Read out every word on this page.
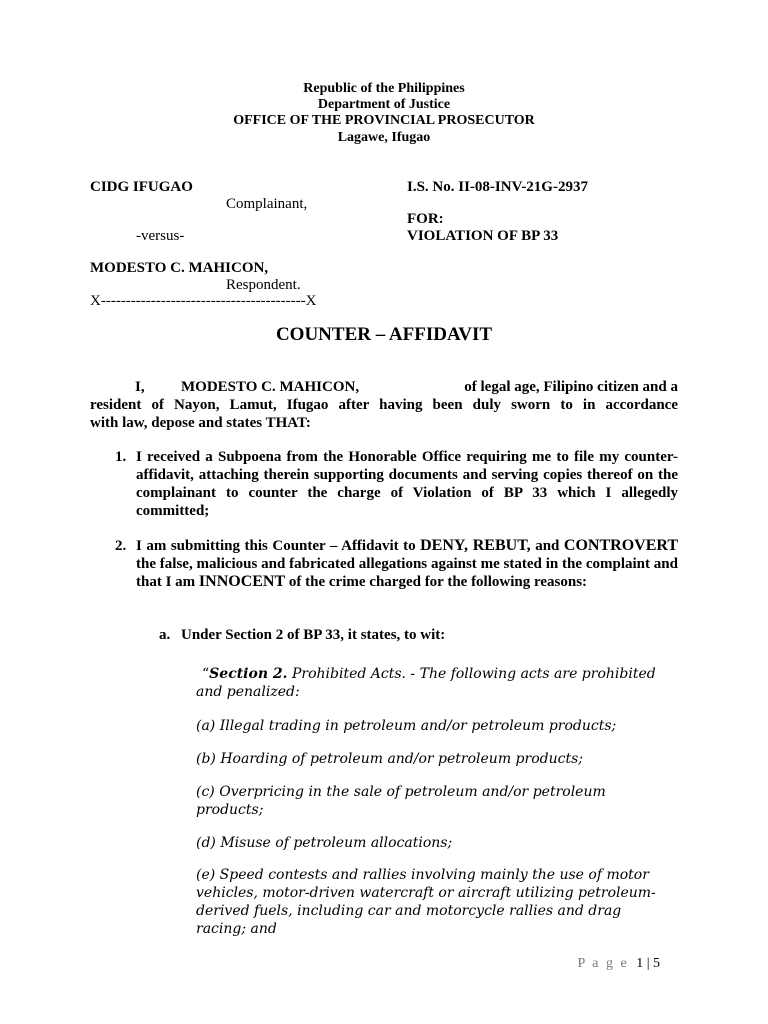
Republic of the Philippines
Department of Justice
OFFICE OF THE PROVINCIAL PROSECUTOR
Lagawe, Ifugao
CIDG IFUGAO
Complainant,
-versus-
MODESTO C. MAHICON,
Respondent.
X-----------------------------------------X
I.S. No. II-08-INV-21G-2937
FOR:
VIOLATION OF BP 33
COUNTER – AFFIDAVIT
I, MODESTO C. MAHICON,	of legal age, Filipino citizen and a
resident of Nayon, Lamut, Ifugao after having been duly sworn to in accordance
with law, depose and states THAT:
1. I received a Subpoena from the Honorable Office requiring me to file my counter-affidavit, attaching therein supporting documents and serving copies thereof on the complainant to counter the charge of Violation of BP 33 which I allegedly committed;
2. I am submitting this Counter – Affidavit to DENY, REBUT, and CONTROVERT the false, malicious and fabricated allegations against me stated in the complaint and that I am INNOCENT of the crime charged for the following reasons:
a. Under Section 2 of BP 33, it states, to wit:
“Section 2. Prohibited Acts. - The following acts are prohibited and penalized:
(a) Illegal trading in petroleum and/or petroleum products;
(b) Hoarding of petroleum and/or petroleum products;
(c) Overpricing in the sale of petroleum and/or petroleum products;
(d) Misuse of petroleum allocations;
(e) Speed contests and rallies involving mainly the use of motor vehicles, motor-driven watercraft or aircraft utilizing petroleum-derived fuels, including car and motorcycle rallies and drag racing; and
P a g e 1 | 5
